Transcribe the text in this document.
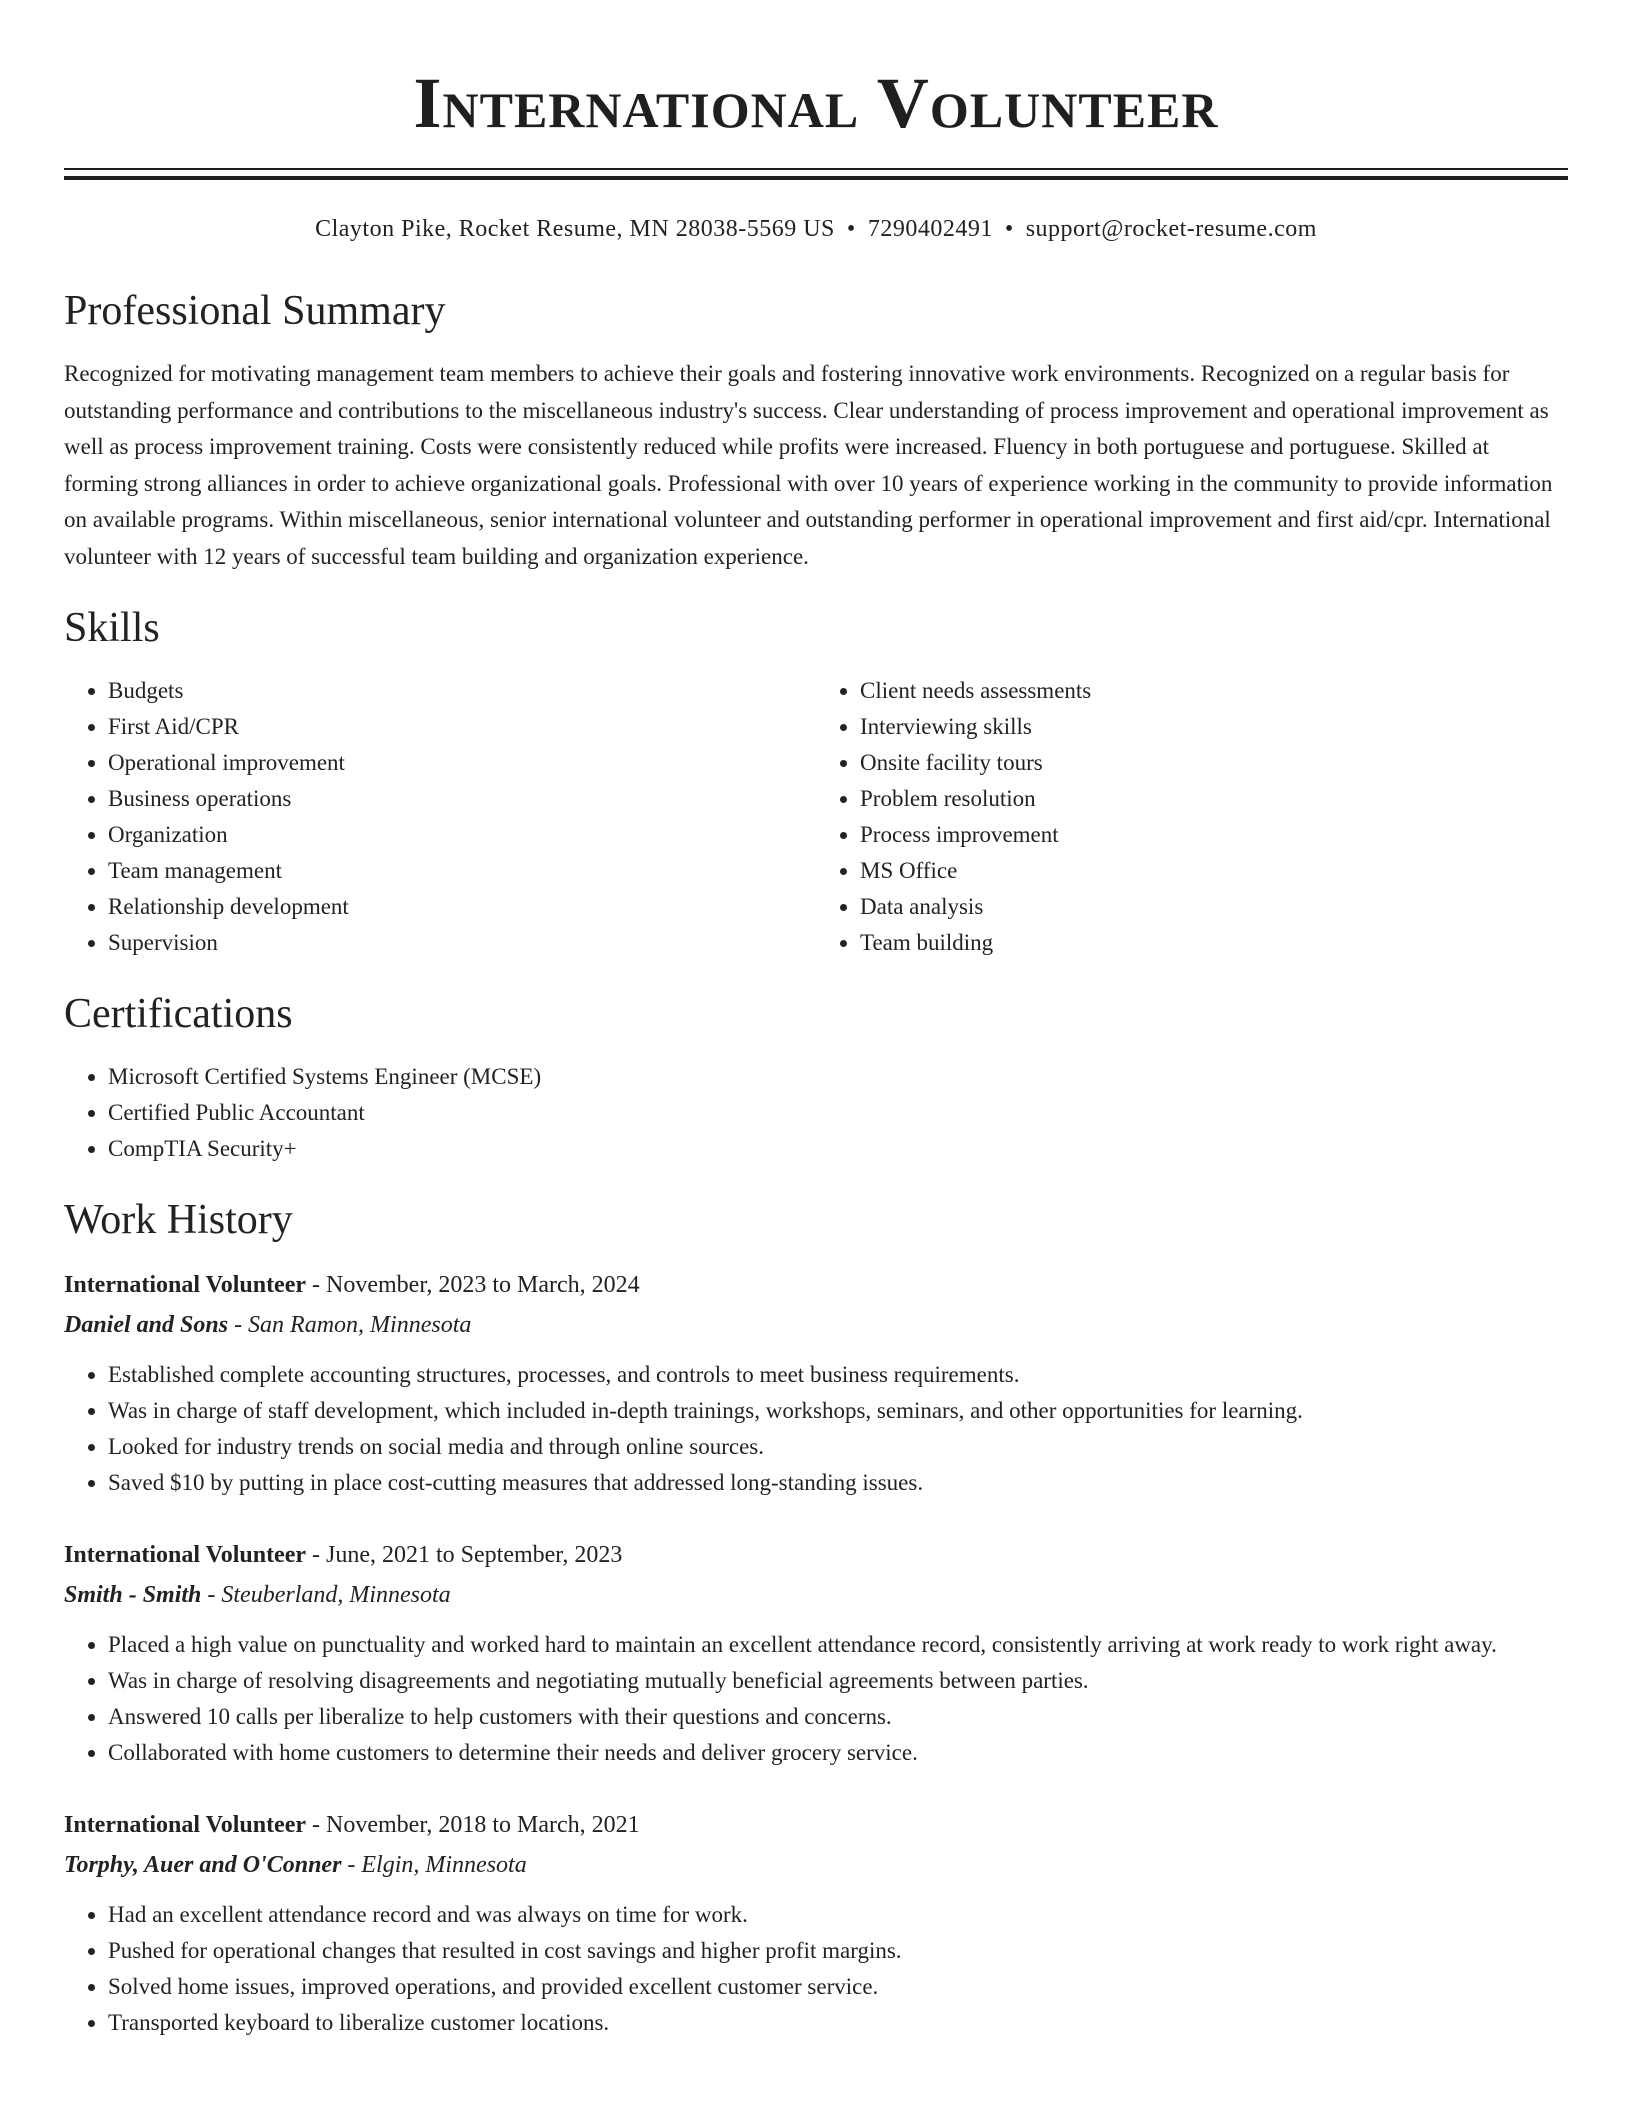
International Volunteer
Clayton Pike, Rocket Resume, MN 28038-5569 US • 7290402491 • support@rocket-resume.com
Professional Summary

Recognized for motivating management team members to achieve their goals and fostering innovative work environments. Recognized on a regular basis for outstanding performance and contributions to the miscellaneous industry's success. Clear understanding of process improvement and operational improvement as well as process improvement training. Costs were consistently reduced while profits were increased. Fluency in both portuguese and portuguese. Skilled at forming strong alliances in order to achieve organizational goals. Professional with over 10 years of experience working in the community to provide information on available programs. Within miscellaneous, senior international volunteer and outstanding performer in operational improvement and first aid/cpr. International volunteer with 12 years of successful team building and organization experience.

Skills
• Budgets
• First Aid/CPR
• Operational improvement
• Business operations
• Organization
• Team management
• Relationship development
• Supervision
• Client needs assessments
• Interviewing skills
• Onsite facility tours
• Problem resolution
• Process improvement
• MS Office
• Data analysis
• Team building
Certifications
• Microsoft Certified Systems Engineer (MCSE)
• Certified Public Accountant
• CompTIA Security+
Work History
International Volunteer - November, 2023 to March, 2024
Daniel and Sons - San Ramon, Minnesota
• Established complete accounting structures, processes, and controls to meet business requirements.
• Was in charge of staff development, which included in-depth trainings, workshops, seminars, and other opportunities for learning.
• Looked for industry trends on social media and through online sources.
• Saved $10 by putting in place cost-cutting measures that addressed long-standing issues.
International Volunteer - June, 2021 to September, 2023
Smith - Smith - Steuberland, Minnesota
• Placed a high value on punctuality and worked hard to maintain an excellent attendance record, consistently arriving at work ready to work right away.
• Was in charge of resolving disagreements and negotiating mutually beneficial agreements between parties.
• Answered 10 calls per liberalize to help customers with their questions and concerns.
• Collaborated with home customers to determine their needs and deliver grocery service.
International Volunteer - November, 2018 to March, 2021
Torphy, Auer and O'Conner - Elgin, Minnesota
• Had an excellent attendance record and was always on time for work.
• Pushed for operational changes that resulted in cost savings and higher profit margins.
• Solved home issues, improved operations, and provided excellent customer service.
• Transported keyboard to liberalize customer locations.
